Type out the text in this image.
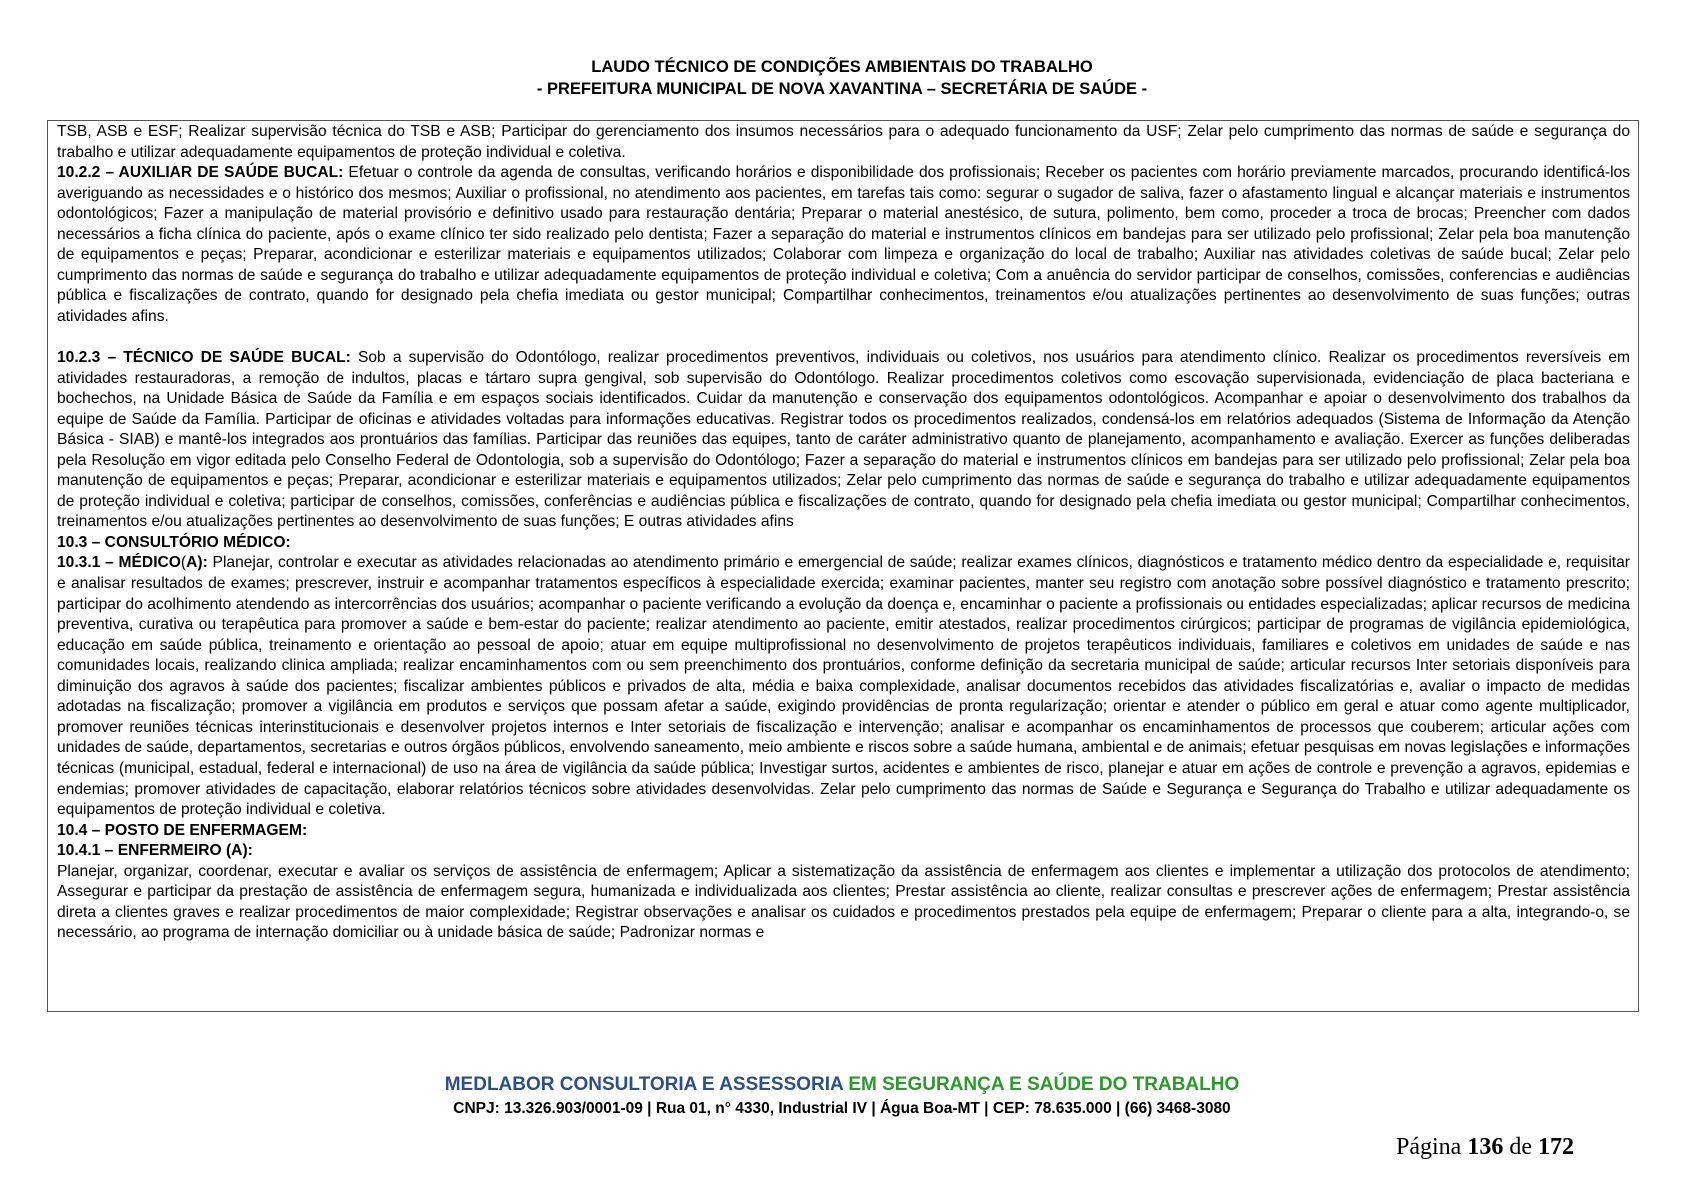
LAUDO TÉCNICO DE CONDIÇÕES AMBIENTAIS DO TRABALHO
- PREFEITURA MUNICIPAL DE NOVA XAVANTINA – SECRETÁRIA DE SAÚDE -

TSB, ASB e ESF; Realizar supervisão técnica do TSB e ASB; Participar do gerenciamento dos insumos necessários para o adequado funcionamento da USF; Zelar pelo cumprimento das normas de saúde e segurança do trabalho e utilizar adequadamente equipamentos de proteção individual e coletiva.

10.2.2 – AUXILIAR DE SAÚDE BUCAL: Efetuar o controle da agenda de consultas, verificando horários e disponibilidade dos profissionais; Receber os pacientes com horário previamente marcados, procurando identificá-los averiguando as necessidades e o histórico dos mesmos; Auxiliar o profissional, no atendimento aos pacientes, em tarefas tais como: segurar o sugador de saliva, fazer o afastamento lingual e alcançar materiais e instrumentos odontológicos; Fazer a manipulação de material provisório e definitivo usado para restauração dentária; Preparar o material anestésico, de sutura, polimento, bem como, proceder a troca de brocas; Preencher com dados necessários a ficha clínica do paciente, após o exame clínico ter sido realizado pelo dentista; Fazer a separação do material e instrumentos clínicos em bandejas para ser utilizado pelo profissional; Zelar pela boa manutenção de equipamentos e peças; Preparar, acondicionar e esterilizar materiais e equipamentos utilizados; Colaborar com limpeza e organização do local de trabalho; Auxiliar nas atividades coletivas de saúde bucal; Zelar pelo cumprimento das normas de saúde e segurança do trabalho e utilizar adequadamente equipamentos de proteção individual e coletiva; Com a anuência do servidor participar de conselhos, comissões, conferencias e audiências pública e fiscalizações de contrato, quando for designado pela chefia imediata ou gestor municipal; Compartilhar conhecimentos, treinamentos e/ou atualizações pertinentes ao desenvolvimento de suas funções; outras atividades afins.

10.2.3 – TÉCNICO DE SAÚDE BUCAL: Sob a supervisão do Odontólogo, realizar procedimentos preventivos, individuais ou coletivos, nos usuários para atendimento clínico. Realizar os procedimentos reversíveis em atividades restauradoras, a remoção de indultos, placas e tártaro supra gengival, sob supervisão do Odontólogo. Realizar procedimentos coletivos como escovação supervisionada, evidenciação de placa bacteriana e bochechos, na Unidade Básica de Saúde da Família e em espaços sociais identificados. Cuidar da manutenção e conservação dos equipamentos odontológicos. Acompanhar e apoiar o desenvolvimento dos trabalhos da equipe de Saúde da Família. Participar de oficinas e atividades voltadas para informações educativas. Registrar todos os procedimentos realizados, condensá-los em relatórios adequados (Sistema de Informação da Atenção Básica - SIAB) e mantê-los integrados aos prontuários das famílias. Participar das reuniões das equipes, tanto de caráter administrativo quanto de planejamento, acompanhamento e avaliação. Exercer as funções deliberadas pela Resolução em vigor editada pelo Conselho Federal de Odontologia, sob a supervisão do Odontólogo; Fazer a separação do material e instrumentos clínicos em bandejas para ser utilizado pelo profissional; Zelar pela boa manutenção de equipamentos e peças; Preparar, acondicionar e esterilizar materiais e equipamentos utilizados; Zelar pelo cumprimento das normas de saúde e segurança do trabalho e utilizar adequadamente equipamentos de proteção individual e coletiva; participar de conselhos, comissões, conferências e audiências pública e fiscalizações de contrato, quando for designado pela chefia imediata ou gestor municipal; Compartilhar conhecimentos, treinamentos e/ou atualizações pertinentes ao desenvolvimento de suas funções; E outras atividades afins

10.3 – CONSULTÓRIO MÉDICO:

10.3.1 – MÉDICO(A): Planejar, controlar e executar as atividades relacionadas ao atendimento primário e emergencial de saúde; realizar exames clínicos, diagnósticos e tratamento médico dentro da especialidade e, requisitar e analisar resultados de exames; prescrever, instruir e acompanhar tratamentos específicos à especialidade exercida; examinar pacientes, manter seu registro com anotação sobre possível diagnóstico e tratamento prescrito; participar do acolhimento atendendo as intercorrências dos usuários; acompanhar o paciente verificando a evolução da doença e, encaminhar o paciente a profissionais ou entidades especializadas; aplicar recursos de medicina preventiva, curativa ou terapêutica para promover a saúde e bem-estar do paciente; realizar atendimento ao paciente, emitir atestados, realizar procedimentos cirúrgicos; participar de programas de vigilância epidemiológica, educação em saúde pública, treinamento e orientação ao pessoal de apoio; atuar em equipe multiprofissional no desenvolvimento de projetos terapêuticos individuais, familiares e coletivos em unidades de saúde e nas comunidades locais, realizando clinica ampliada; realizar encaminhamentos com ou sem preenchimento dos prontuários, conforme definição da secretaria municipal de saúde; articular recursos Inter setoriais disponíveis para diminuição dos agravos à saúde dos pacientes; fiscalizar ambientes públicos e privados de alta, média e baixa complexidade, analisar documentos recebidos das atividades fiscalizatórias e, avaliar o impacto de medidas adotadas na fiscalização; promover a vigilância em produtos e serviços que possam afetar a saúde, exigindo providências de pronta regularização; orientar e atender o público em geral e atuar como agente multiplicador, promover reuniões técnicas interinstitucionais e desenvolver projetos internos e Inter setoriais de fiscalização e intervenção; analisar e acompanhar os encaminhamentos de processos que couberem; articular ações com unidades de saúde, departamentos, secretarias e outros órgãos públicos, envolvendo saneamento, meio ambiente e riscos sobre a saúde humana, ambiental e de animais; efetuar pesquisas em novas legislações e informações técnicas (municipal, estadual, federal e internacional) de uso na área de vigilância da saúde pública; Investigar surtos, acidentes e ambientes de risco, planejar e atuar em ações de controle e prevenção a agravos, epidemias e endemias; promover atividades de capacitação, elaborar relatórios técnicos sobre atividades desenvolvidas. Zelar pelo cumprimento das normas de Saúde e Segurança e Segurança do Trabalho e utilizar adequadamente os equipamentos de proteção individual e coletiva.

10.4 – POSTO DE ENFERMAGEM:

10.4.1 – ENFERMEIRO (A):

Planejar, organizar, coordenar, executar e avaliar os serviços de assistência de enfermagem; Aplicar a sistematização da assistência de enfermagem aos clientes e implementar a utilização dos protocolos de atendimento; Assegurar e participar da prestação de assistência de enfermagem segura, humanizada e individualizada aos clientes; Prestar assistência ao cliente, realizar consultas e prescrever ações de enfermagem; Prestar assistência direta a clientes graves e realizar procedimentos de maior complexidade; Registrar observações e analisar os cuidados e procedimentos prestados pela equipe de enfermagem; Preparar o cliente para a alta, integrando-o, se necessário, ao programa de internação domiciliar ou à unidade básica de saúde; Padronizar normas e

MEDLABOR CONSULTORIA E ASSESSORIA EM SEGURANÇA E SAÚDE DO TRABALHO
CNPJ: 13.326.903/0001-09 | Rua 01, n° 4330, Industrial IV | Água Boa-MT | CEP: 78.635.000 | (66) 3468-3080
Página 136 de 172
